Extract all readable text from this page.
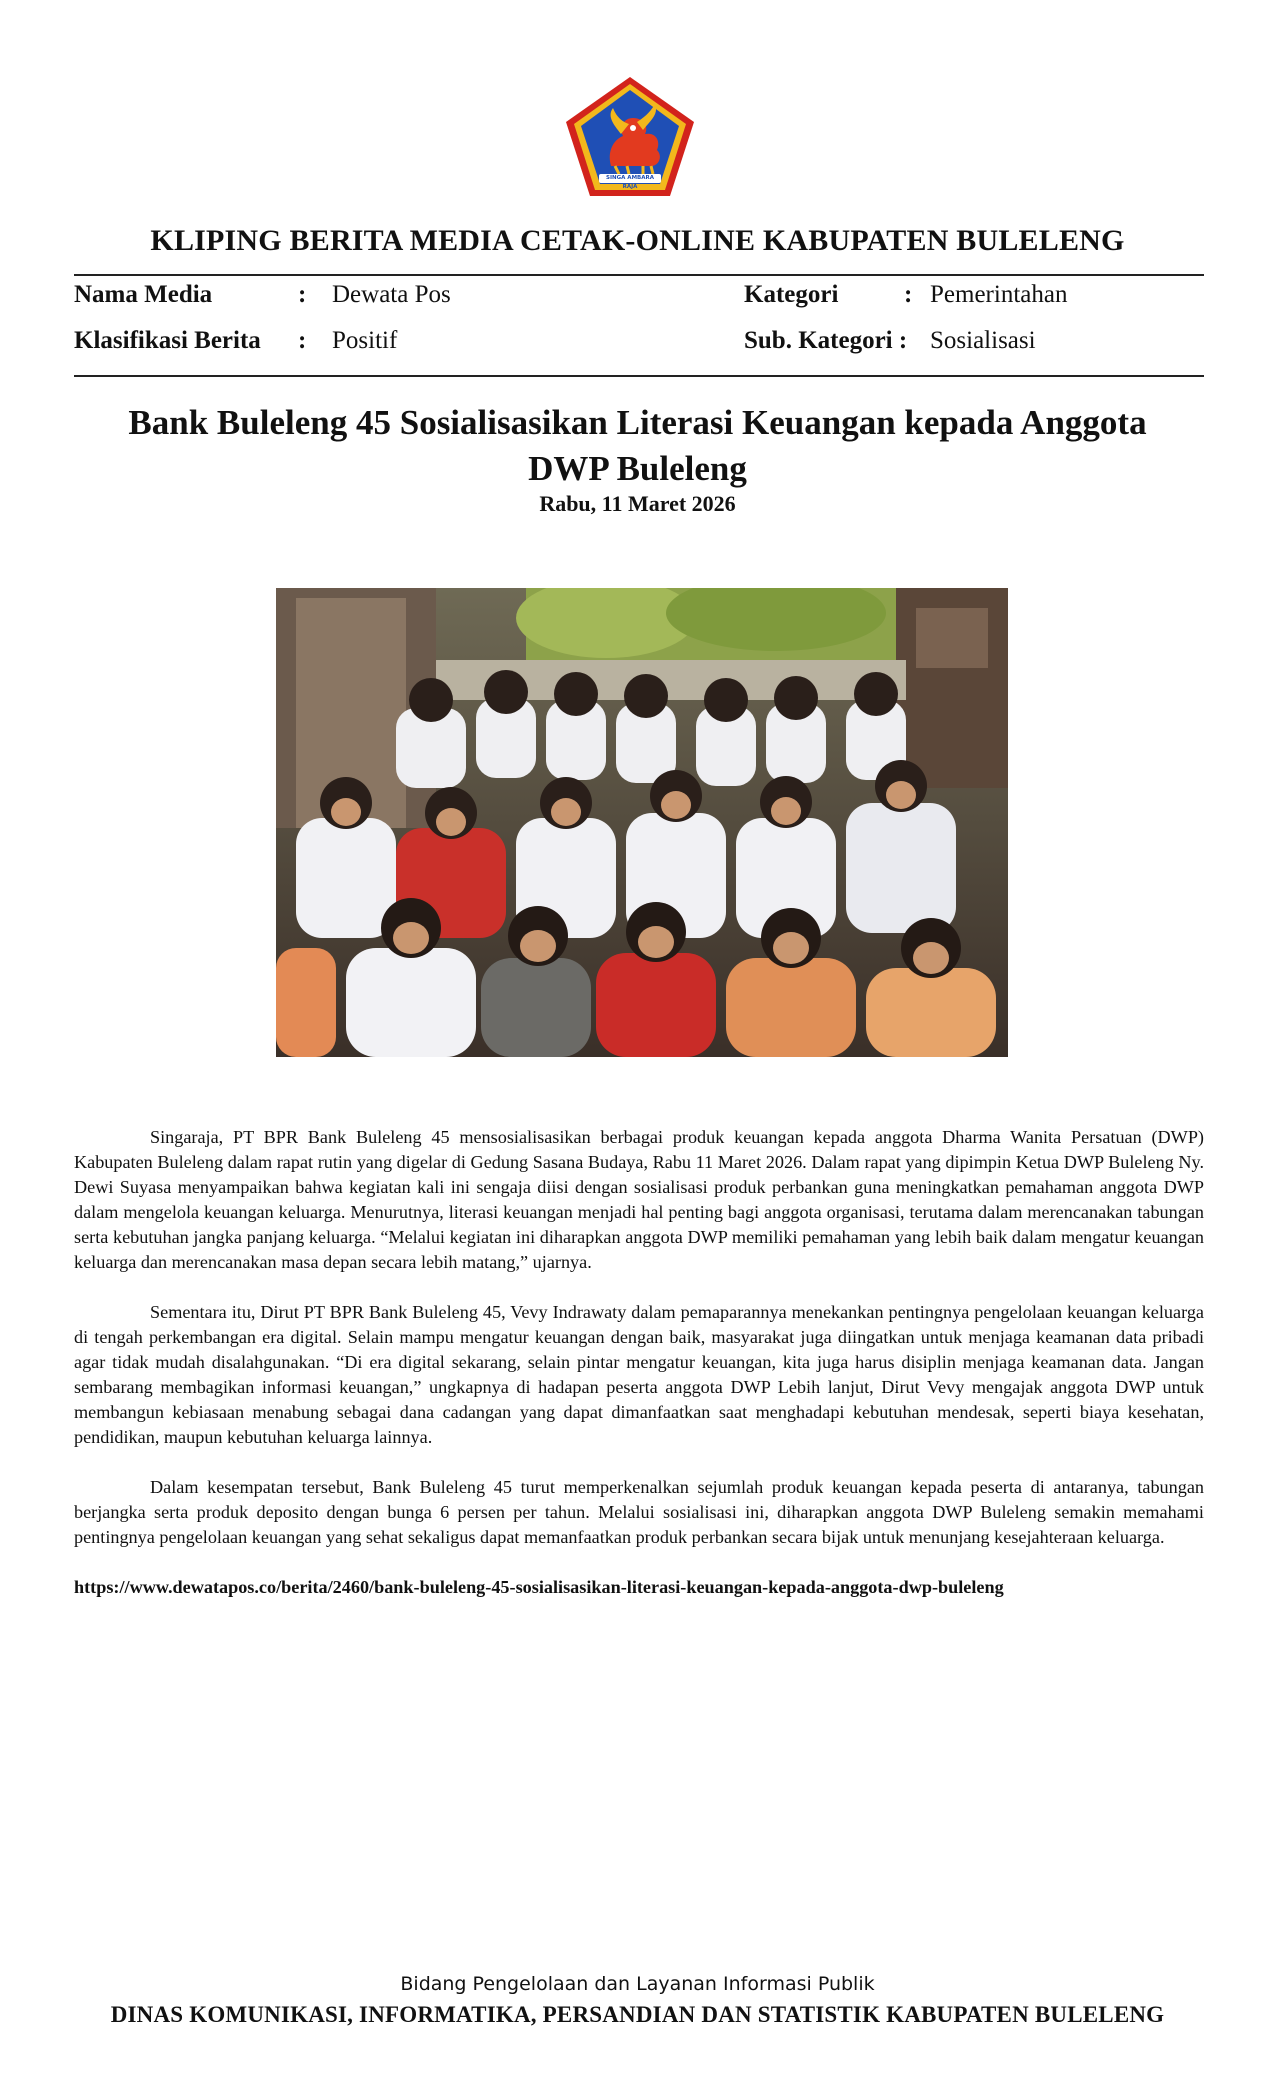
SINGA AMBARA RAJA
KLIPING BERITA MEDIA CETAK-ONLINE KABUPATEN BULELENG
Nama Media	: Dewata Pos	Kategori	: Pemerintahan
Klasifikasi Berita : Positif	Sub. Kategori : Sosialisasi
Bank Buleleng 45 Sosialisasikan Literasi Keuangan kepada Anggota DWP Buleleng
Rabu, 11 Maret 2026

Singaraja, PT BPR Bank Buleleng 45 mensosialisasikan berbagai produk keuangan kepada anggota Dharma Wanita Persatuan (DWP) Kabupaten Buleleng dalam rapat rutin yang digelar di Gedung Sasana Budaya, Rabu 11 Maret 2026. Dalam rapat yang dipimpin Ketua DWP Buleleng Ny. Dewi Suyasa menyampaikan bahwa kegiatan kali ini sengaja diisi dengan sosialisasi produk perbankan guna meningkatkan pemahaman anggota DWP dalam mengelola keuangan keluarga. Menurutnya, literasi keuangan menjadi hal penting bagi anggota organisasi, terutama dalam merencanakan tabungan serta kebutuhan jangka panjang keluarga. “Melalui kegiatan ini diharapkan anggota DWP memiliki pemahaman yang lebih baik dalam mengatur keuangan keluarga dan merencanakan masa depan secara lebih matang,” ujarnya.

Sementara itu, Dirut PT BPR Bank Buleleng 45, Vevy Indrawaty dalam pemaparannya menekankan pentingnya pengelolaan keuangan keluarga di tengah perkembangan era digital. Selain mampu mengatur keuangan dengan baik, masyarakat juga diingatkan untuk menjaga keamanan data pribadi agar tidak mudah disalahgunakan. “Di era digital sekarang, selain pintar mengatur keuangan, kita juga harus disiplin menjaga keamanan data. Jangan sembarang membagikan informasi keuangan,” ungkapnya di hadapan peserta anggota DWP Lebih lanjut, Dirut Vevy mengajak anggota DWP untuk membangun kebiasaan menabung sebagai dana cadangan yang dapat dimanfaatkan saat menghadapi kebutuhan mendesak, seperti biaya kesehatan, pendidikan, maupun kebutuhan keluarga lainnya.

Dalam kesempatan tersebut, Bank Buleleng 45 turut memperkenalkan sejumlah produk keuangan kepada peserta di antaranya, tabungan berjangka serta produk deposito dengan bunga 6 persen per tahun. Melalui sosialisasi ini, diharapkan anggota DWP Buleleng semakin memahami pentingnya pengelolaan keuangan yang sehat sekaligus dapat memanfaatkan produk perbankan secara bijak untuk menunjang kesejahteraan keluarga.

https://www.dewatapos.co/berita/2460/bank-buleleng-45-sosialisasikan-literasi-keuangan-kepada-anggota-dwp-buleleng

Bidang Pengelolaan dan Layanan Informasi Publik
DINAS KOMUNIKASI, INFORMATIKA, PERSANDIAN DAN STATISTIK KABUPATEN BULELENG
